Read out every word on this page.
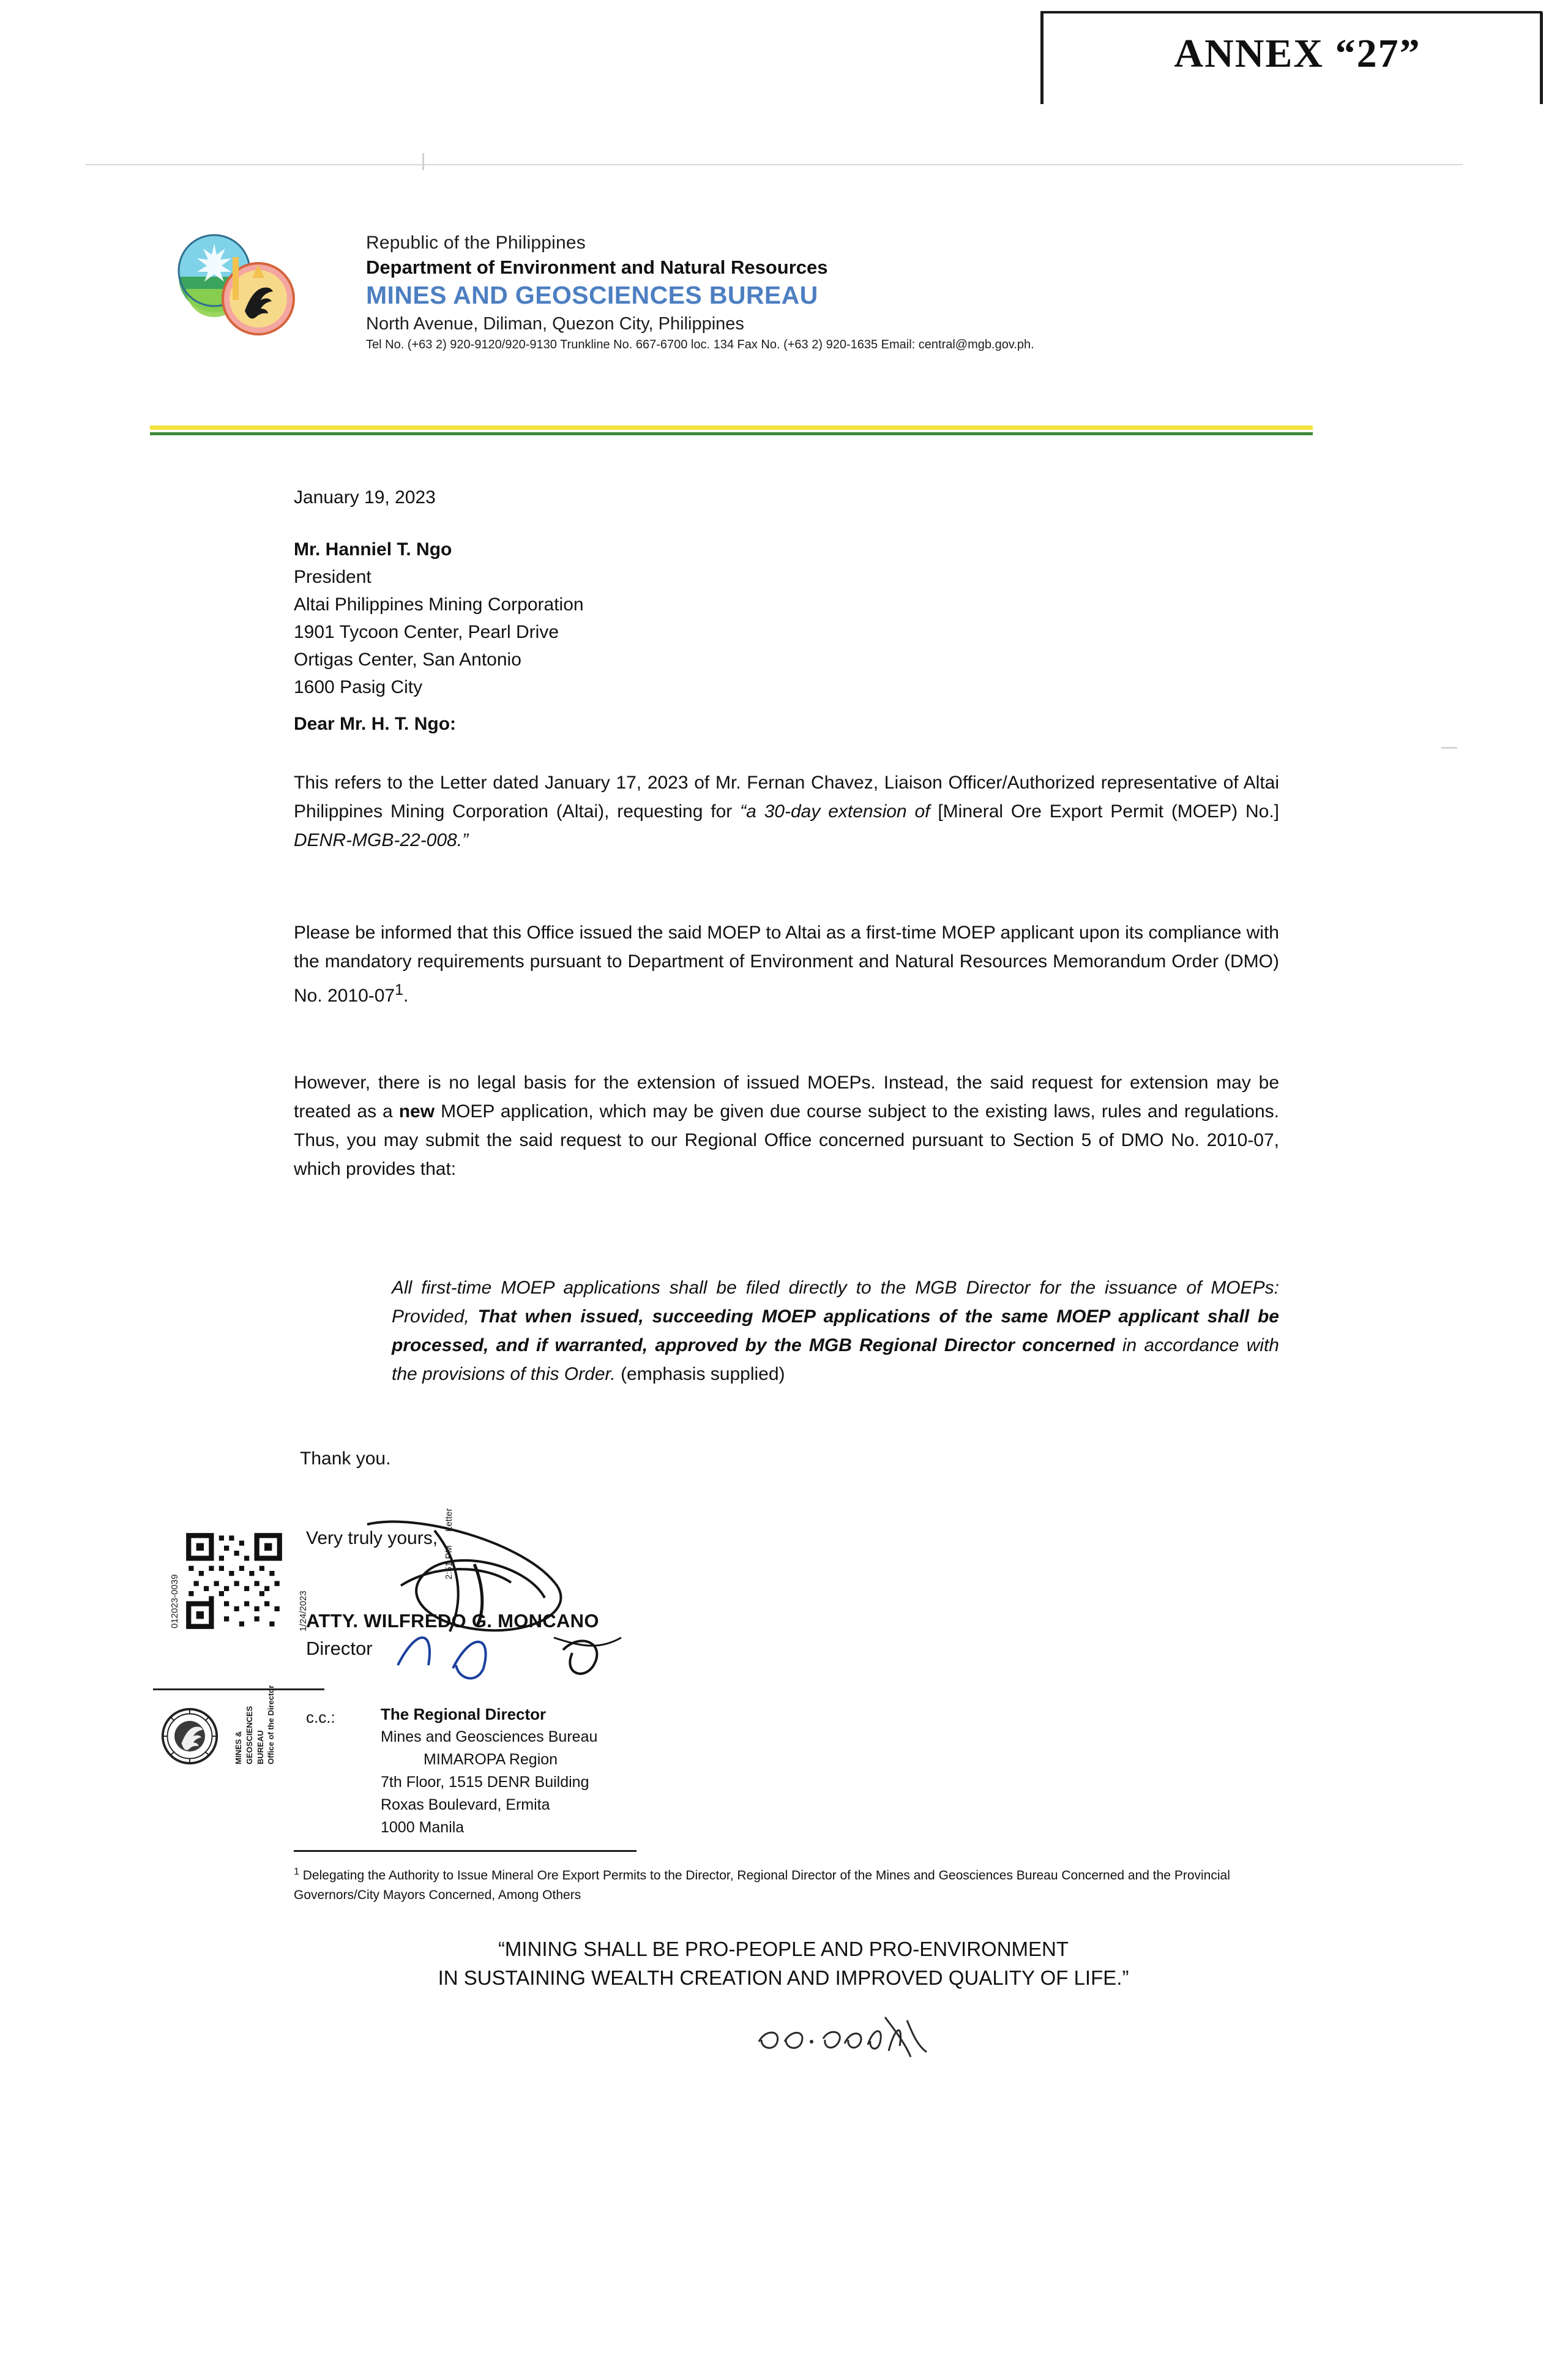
ANNEX “27”
Republic of the Philippines
Department of Environment and Natural Resources
MINES AND GEOSCIENCES BUREAU
North Avenue, Diliman, Quezon City, Philippines
Tel No. (+63 2) 920-9120/920-9130 Trunkline No. 667-6700 loc. 134 Fax No. (+63 2) 920-1635 Email: central@mgb.gov.ph.
January 19, 2023
Mr. Hanniel T. Ngo
President
Altai Philippines Mining Corporation
1901 Tycoon Center, Pearl Drive
Ortigas Center, San Antonio
1600 Pasig City
Dear Mr. H. T. Ngo:
This refers to the Letter dated January 17, 2023 of Mr. Fernan Chavez, Liaison Officer/Authorized representative of Altai Philippines Mining Corporation (Altai), requesting for “a 30-day extension of [Mineral Ore Export Permit (MOEP) No.] DENR-MGB-22-008.”
Please be informed that this Office issued the said MOEP to Altai as a first-time MOEP applicant upon its compliance with the mandatory requirements pursuant to Department of Environment and Natural Resources Memorandum Order (DMO) No. $2010-07^1$.
However, there is no legal basis for the extension of issued MOEPs. Instead, the said request for extension may be treated as a new MOEP application, which may be given due course subject to the existing laws, rules and regulations. Thus, you may submit the said request to our Regional Office concerned pursuant to Section 5 of DMO No. 2010-07, which provides that:
All first-time MOEP applications shall be filed directly to the MGB Director for the issuance of MOEPs: Provided, That when issued, succeeding MOEP applications of the same MOEP applicant shall be processed, and if warranted, approved by the MGB Regional Director concerned in accordance with the provisions of this Order. (emphasis supplied)
Thank you.
Very truly yours,
ATTY. WILFREDO G. MONCANO
Director
012023-0039	1/24/2023
Letter
2:51 PM
MINES & GEOSCIENCES BUREAU Office of the Director c.c.:	The Regional Director
Mines and Geosciences Bureau
MIMAROPA Region
7th Floor, 1515 DENR Building
Roxas Boulevard, Ermita
1000 Manila
$^1$ Delegating the Authority to Issue Mineral Ore Export Permits to the Director, Regional Director of the Mines and Geosciences Bureau Concerned and the Provincial Governors/City Mayors Concerned, Among Others
“MINING SHALL BE PRO-PEOPLE AND PRO-ENVIRONMENT
IN SUSTAINING WEALTH CREATION AND IMPROVED QUALITY OF LIFE.”
